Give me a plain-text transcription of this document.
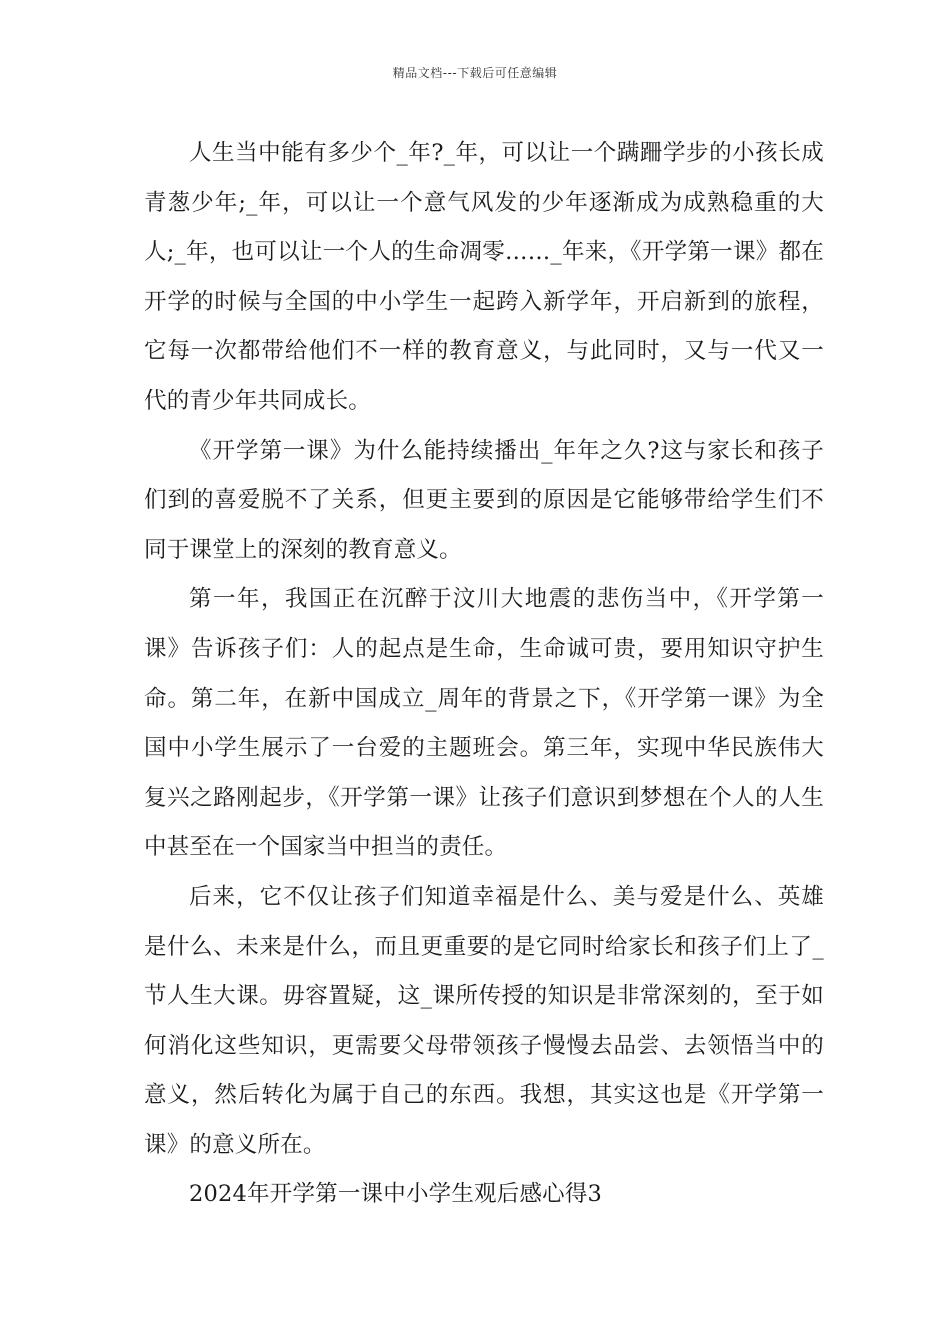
精品文档---下载后可任意编辑

人生当中能有多少个_年?_年，可以让一个蹒跚学步的小孩长成青葱少年;_年，可以让一个意气风发的少年逐渐成为成熟稳重的大人;_年，也可以让一个人的生命凋零……_年来，《开学第一课》都在开学的时候与全国的中小学生一起跨入新学年，开启新到的旅程，它每一次都带给他们不一样的教育意义，与此同时，又与一代又一代的青少年共同成长。

《开学第一课》为什么能持续播出_年年之久?这与家长和孩子们到的喜爱脱不了关系，但更主要到的原因是它能够带给学生们不同于课堂上的深刻的教育意义。

第一年，我国正在沉醉于汶川大地震的悲伤当中，《开学第一课》告诉孩子们：人的起点是生命，生命诚可贵，要用知识守护生命。第二年，在新中国成立_周年的背景之下，《开学第一课》为全国中小学生展示了一台爱的主题班会。第三年，实现中华民族伟大复兴之路刚起步，《开学第一课》让孩子们意识到梦想在个人的人生中甚至在一个国家当中担当的责任。

后来，它不仅让孩子们知道幸福是什么、美与爱是什么、英雄是什么、未来是什么，而且更重要的是它同时给家长和孩子们上了_节人生大课。毋容置疑，这_课所传授的知识是非常深刻的，至于如何消化这些知识，更需要父母带领孩子慢慢去品尝、去领悟当中的意义，然后转化为属于自己的东西。我想，其实这也是《开学第一课》的意义所在。

2024年开学第一课中小学生观后感心得3
